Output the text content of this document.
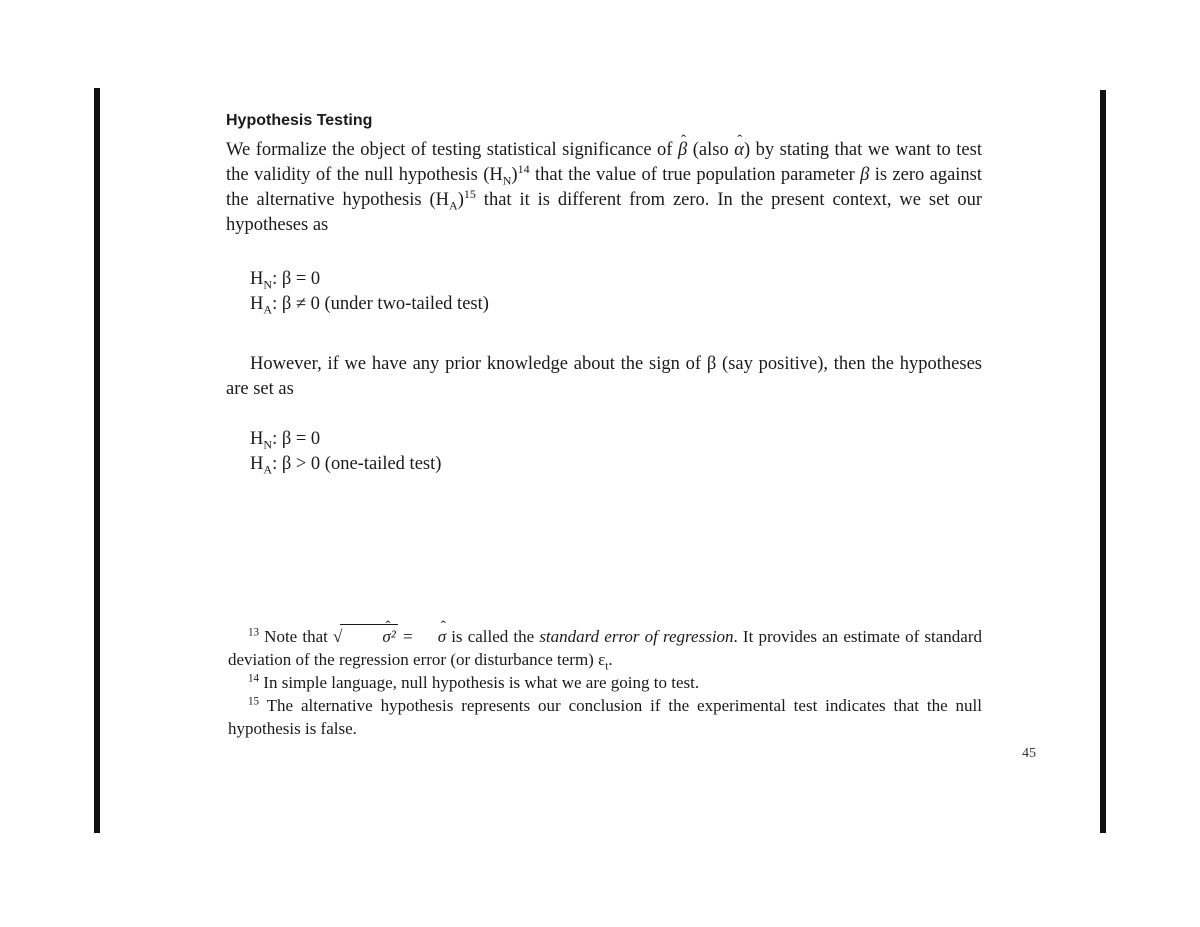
Hypothesis Testing

We formalize the object of testing statistical significance of ˆ β (also ˆ α) by stating that we want to test the validity of the null hypothesis $(H_N)^{14}$ that the value of true population parameter β is zero against the alternative hypothesis $(H_A)^{15}$ that it is different from zero. In the present context, we set our hypotheses as

$H_N$: β = 0
$H_A$: β ≠ 0 (under two-tailed test)

However, if we have any prior knowledge about the sign of β (say positive), then the hypotheses are set as

$H_N$: β = 0
$H_A$: β > 0 (one-tailed test)
$^{13}$ Note that √ˆ σ² = ˆ σ is called the standard error of regression. It provides an estimate of standard deviation of the regression error (or disturbance term) $\varepsilon_t$.
$^{14}$ In simple language, null hypothesis is what we are going to test.
$^{15}$ The alternative hypothesis represents our conclusion if the experimental test indicates that the null hypothesis is false.
45
